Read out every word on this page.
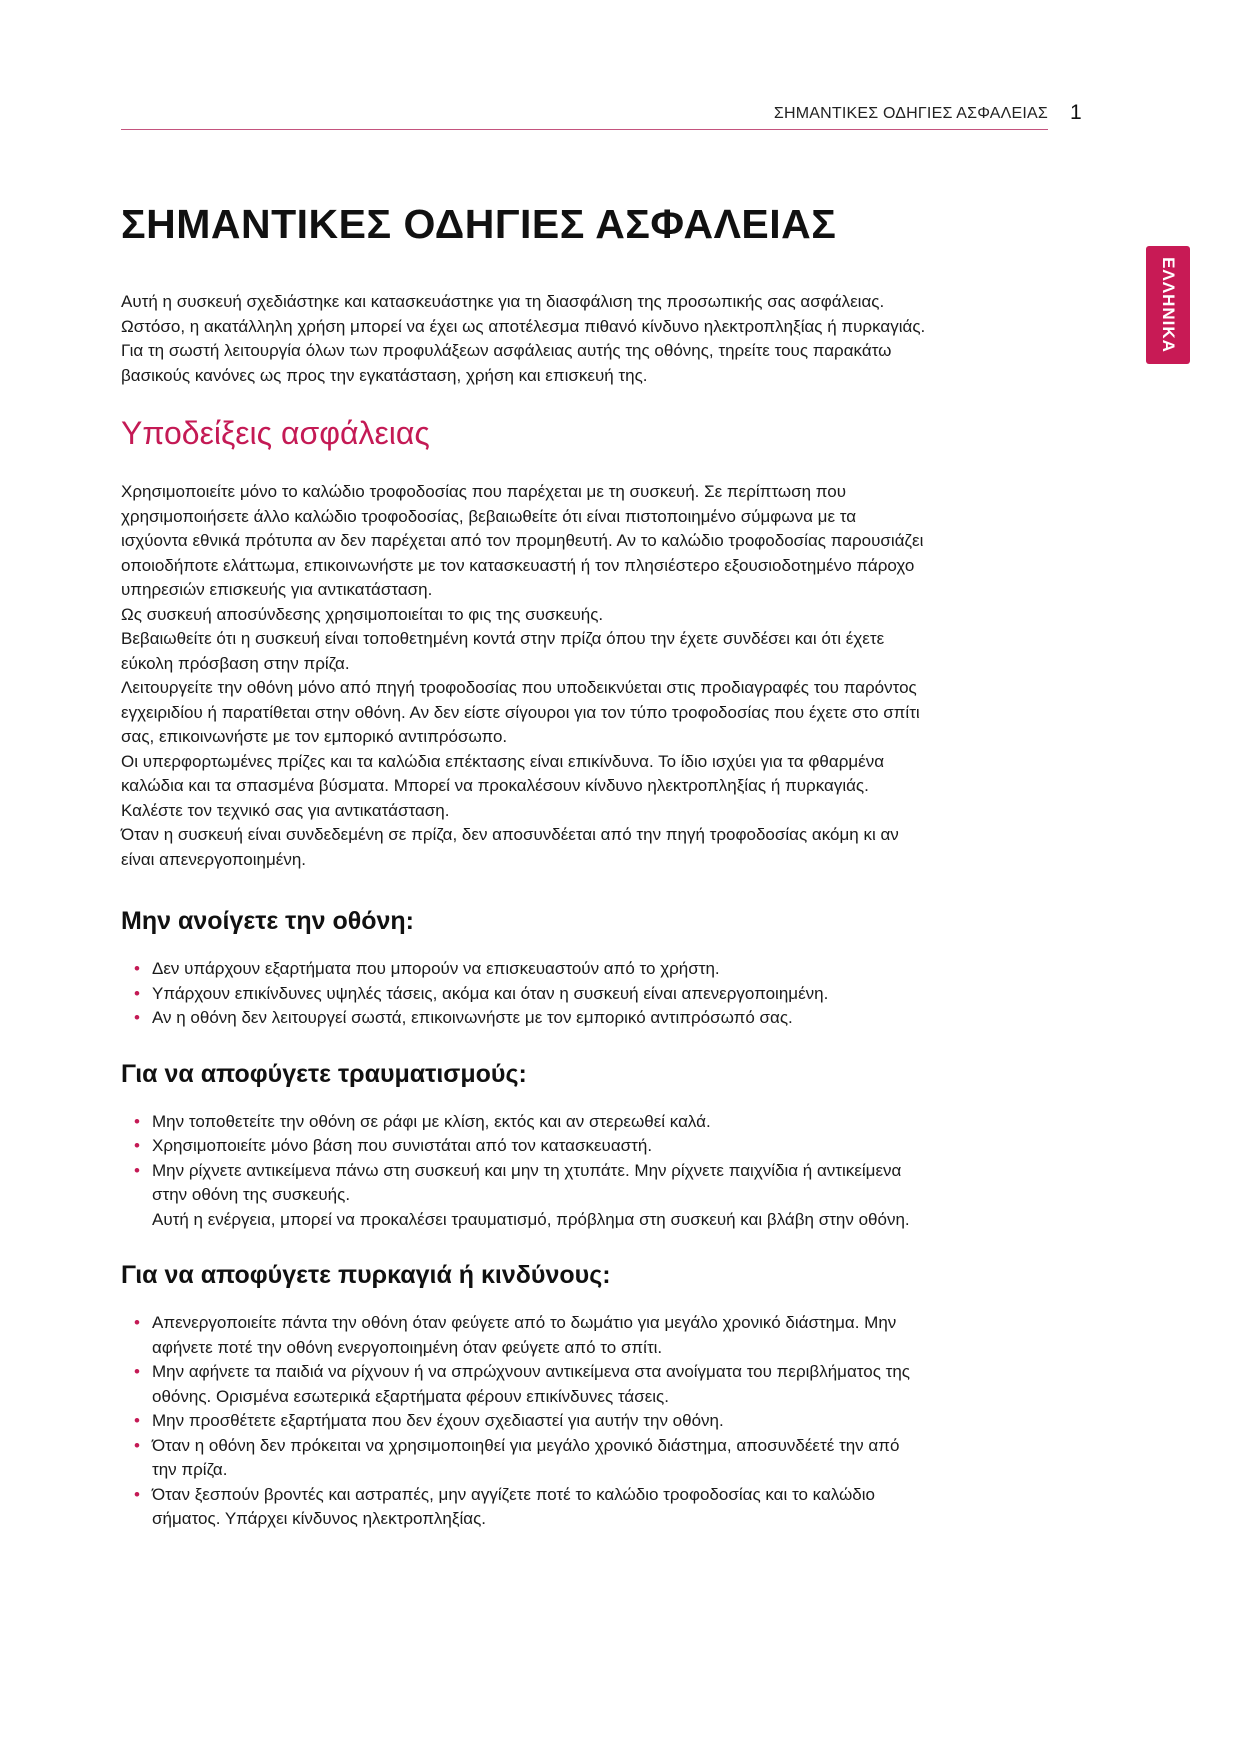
ΣΗΜΑΝΤΙΚΕΣ ΟΔΗΓΙΕΣ ΑΣΦΑΛΕΙΑΣ 1
ΕΛΛΗΝΙΚΑ
ΣΗΜΑΝΤΙΚΕΣ ΟΔΗΓΙΕΣ ΑΣΦΑΛΕΙΑΣ

Αυτή η συσκευή σχεδιάστηκε και κατασκευάστηκε για τη διασφάλιση της προσωπικής σας ασφάλειας.

Ωστόσο, η ακατάλληλη χρήση μπορεί να έχει ως αποτέλεσμα πιθανό κίνδυνο ηλεκτροπληξίας ή πυρκαγιάς.

Για τη σωστή λειτουργία όλων των προφυλάξεων ασφάλειας αυτής της οθόνης, τηρείτε τους παρακάτω

βασικούς κανόνες ως προς την εγκατάσταση, χρήση και επισκευή της.

Υποδείξεις ασφάλειας

Χρησιμοποιείτε μόνο το καλώδιο τροφοδοσίας που παρέχεται με τη συσκευή. Σε περίπτωση που

χρησιμοποιήσετε άλλο καλώδιο τροφοδοσίας, βεβαιωθείτε ότι είναι πιστοποιημένο σύμφωνα με τα

ισχύοντα εθνικά πρότυπα αν δεν παρέχεται από τον προμηθευτή. Αν το καλώδιο τροφοδοσίας παρουσιάζει

οποιοδήποτε ελάττωμα, επικοινωνήστε με τον κατασκευαστή ή τον πλησιέστερο εξουσιοδοτημένο πάροχο

υπηρεσιών επισκευής για αντικατάσταση.

Ως συσκευή αποσύνδεσης χρησιμοποιείται το φις της συσκευής.

Βεβαιωθείτε ότι η συσκευή είναι τοποθετημένη κοντά στην πρίζα όπου την έχετε συνδέσει και ότι έχετε

εύκολη πρόσβαση στην πρίζα.

Λειτουργείτε την οθόνη μόνο από πηγή τροφοδοσίας που υποδεικνύεται στις προδιαγραφές του παρόντος

εγχειριδίου ή παρατίθεται στην οθόνη. Αν δεν είστε σίγουροι για τον τύπο τροφοδοσίας που έχετε στο σπίτι

σας, επικοινωνήστε με τον εμπορικό αντιπρόσωπο.

Οι υπερφορτωμένες πρίζες και τα καλώδια επέκτασης είναι επικίνδυνα. Το ίδιο ισχύει για τα φθαρμένα

καλώδια και τα σπασμένα βύσματα. Μπορεί να προκαλέσουν κίνδυνο ηλεκτροπληξίας ή πυρκαγιάς.

Καλέστε τον τεχνικό σας για αντικατάσταση.

Όταν η συσκευή είναι συνδεδεμένη σε πρίζα, δεν αποσυνδέεται από την πηγή τροφοδοσίας ακόμη κι αν

είναι απενεργοποιημένη.

Μην ανοίγετε την οθόνη:
• Δεν υπάρχουν εξαρτήματα που μπορούν να επισκευαστούν από το χρήστη.
• Υπάρχουν επικίνδυνες υψηλές τάσεις, ακόμα και όταν η συσκευή είναι απενεργοποιημένη.
• Αν η οθόνη δεν λειτουργεί σωστά, επικοινωνήστε με τον εμπορικό αντιπρόσωπό σας.
Για να αποφύγετε τραυματισμούς:
• Μην τοποθετείτε την οθόνη σε ράφι με κλίση, εκτός και αν στερεωθεί καλά.
• Χρησιμοποιείτε μόνο βάση που συνιστάται από τον κατασκευαστή.
• Μην ρίχνετε αντικείμενα πάνω στη συσκευή και μην τη χτυπάτε. Μην ρίχνετε παιχνίδια ή αντικείμενα
στην οθόνη της συσκευής.
Αυτή η ενέργεια, μπορεί να προκαλέσει τραυματισμό, πρόβλημα στη συσκευή και βλάβη στην οθόνη.
Για να αποφύγετε πυρκαγιά ή κινδύνους:
• Απενεργοποιείτε πάντα την οθόνη όταν φεύγετε από το δωμάτιο για μεγάλο χρονικό διάστημα. Μην
αφήνετε ποτέ την οθόνη ενεργοποιημένη όταν φεύγετε από το σπίτι.
• Μην αφήνετε τα παιδιά να ρίχνουν ή να σπρώχνουν αντικείμενα στα ανοίγματα του περιβλήματος της
οθόνης. Ορισμένα εσωτερικά εξαρτήματα φέρουν επικίνδυνες τάσεις.
• Μην προσθέτετε εξαρτήματα που δεν έχουν σχεδιαστεί για αυτήν την οθόνη.
• Όταν η οθόνη δεν πρόκειται να χρησιμοποιηθεί για μεγάλο χρονικό διάστημα, αποσυνδέετέ την από
την πρίζα.
• Όταν ξεσπούν βροντές και αστραπές, μην αγγίζετε ποτέ το καλώδιο τροφοδοσίας και το καλώδιο
σήματος. Υπάρχει κίνδυνος ηλεκτροπληξίας.
